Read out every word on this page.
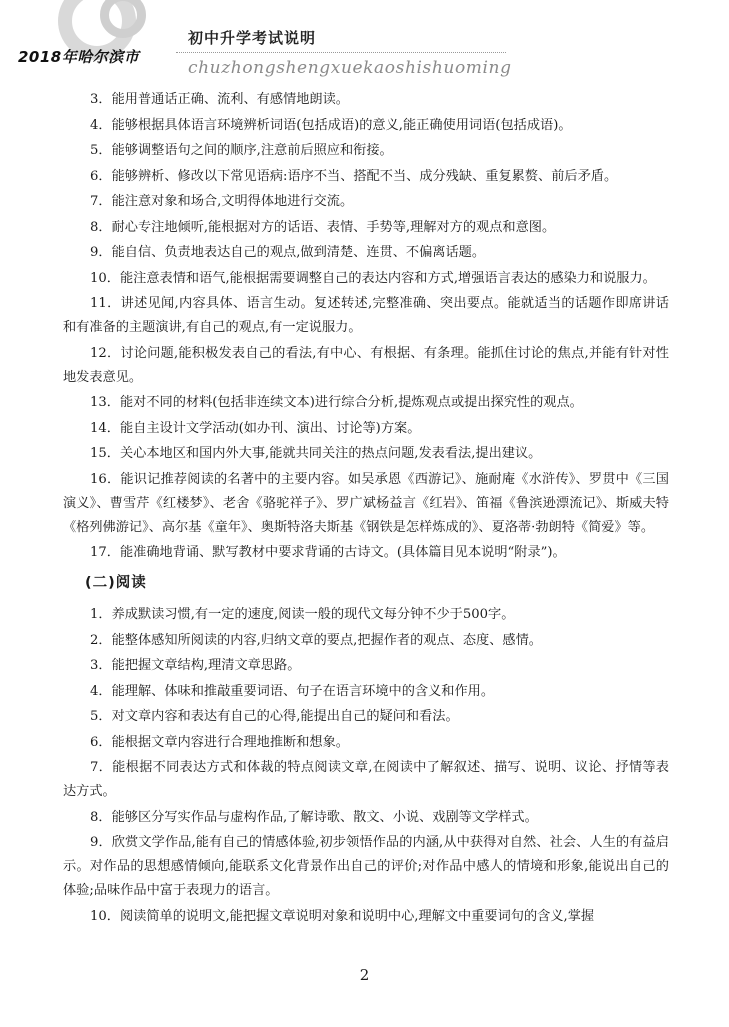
2018年哈尔滨市
初中升学考试说明
chuzhongshengxuekaoshishuoming

3．能用普通话正确、流利、有感情地朗读。

4．能够根据具体语言环境辨析词语(包括成语)的意义,能正确使用词语(包括成语)。

5．能够调整语句之间的顺序,注意前后照应和衔接。

6．能够辨析、修改以下常见语病:语序不当、搭配不当、成分残缺、重复累赘、前后矛盾。

7．能注意对象和场合,文明得体地进行交流。

8．耐心专注地倾听,能根据对方的话语、表情、手势等,理解对方的观点和意图。

9．能自信、负责地表达自己的观点,做到清楚、连贯、不偏离话题。

10．能注意表情和语气,能根据需要调整自己的表达内容和方式,增强语言表达的感染力和说服力。

11．讲述见闻,内容具体、语言生动。复述转述,完整准确、突出要点。能就适当的话题作即席讲话和有准备的主题演讲,有自己的观点,有一定说服力。

12．讨论问题,能积极发表自己的看法,有中心、有根据、有条理。能抓住讨论的焦点,并能有针对性地发表意见。

13．能对不同的材料(包括非连续文本)进行综合分析,提炼观点或提出探究性的观点。

14．能自主设计文学活动(如办刊、演出、讨论等)方案。

15．关心本地区和国内外大事,能就共同关注的热点问题,发表看法,提出建议。

16．能识记推荐阅读的名著中的主要内容。如吴承恩《西游记》、施耐庵《水浒传》、罗贯中《三国演义》、曹雪芹《红楼梦》、老舍《骆驼祥子》、罗广斌杨益言《红岩》、笛福《鲁滨逊漂流记》、斯威夫特《格列佛游记》、高尔基《童年》、奥斯特洛夫斯基《钢铁是怎样炼成的》、夏洛蒂·勃朗特《简爱》等。

17．能准确地背诵、默写教材中要求背诵的古诗文。(具体篇目见本说明“附录”)。

(二)阅读

1．养成默读习惯,有一定的速度,阅读一般的现代文每分钟不少于500字。

2．能整体感知所阅读的内容,归纳文章的要点,把握作者的观点、态度、感情。

3．能把握文章结构,理清文章思路。

4．能理解、体味和推敲重要词语、句子在语言环境中的含义和作用。

5．对文章内容和表达有自己的心得,能提出自己的疑问和看法。

6．能根据文章内容进行合理地推断和想象。

7．能根据不同表达方式和体裁的特点阅读文章,在阅读中了解叙述、描写、说明、议论、抒情等表达方式。

8．能够区分写实作品与虚构作品,了解诗歌、散文、小说、戏剧等文学样式。

9．欣赏文学作品,能有自己的情感体验,初步领悟作品的内涵,从中获得对自然、社会、人生的有益启示。对作品的思想感情倾向,能联系文化背景作出自己的评价;对作品中感人的情境和形象,能说出自己的体验;品味作品中富于表现力的语言。

10．阅读简单的说明文,能把握文章说明对象和说明中心,理解文中重要词句的含义,掌握

2
